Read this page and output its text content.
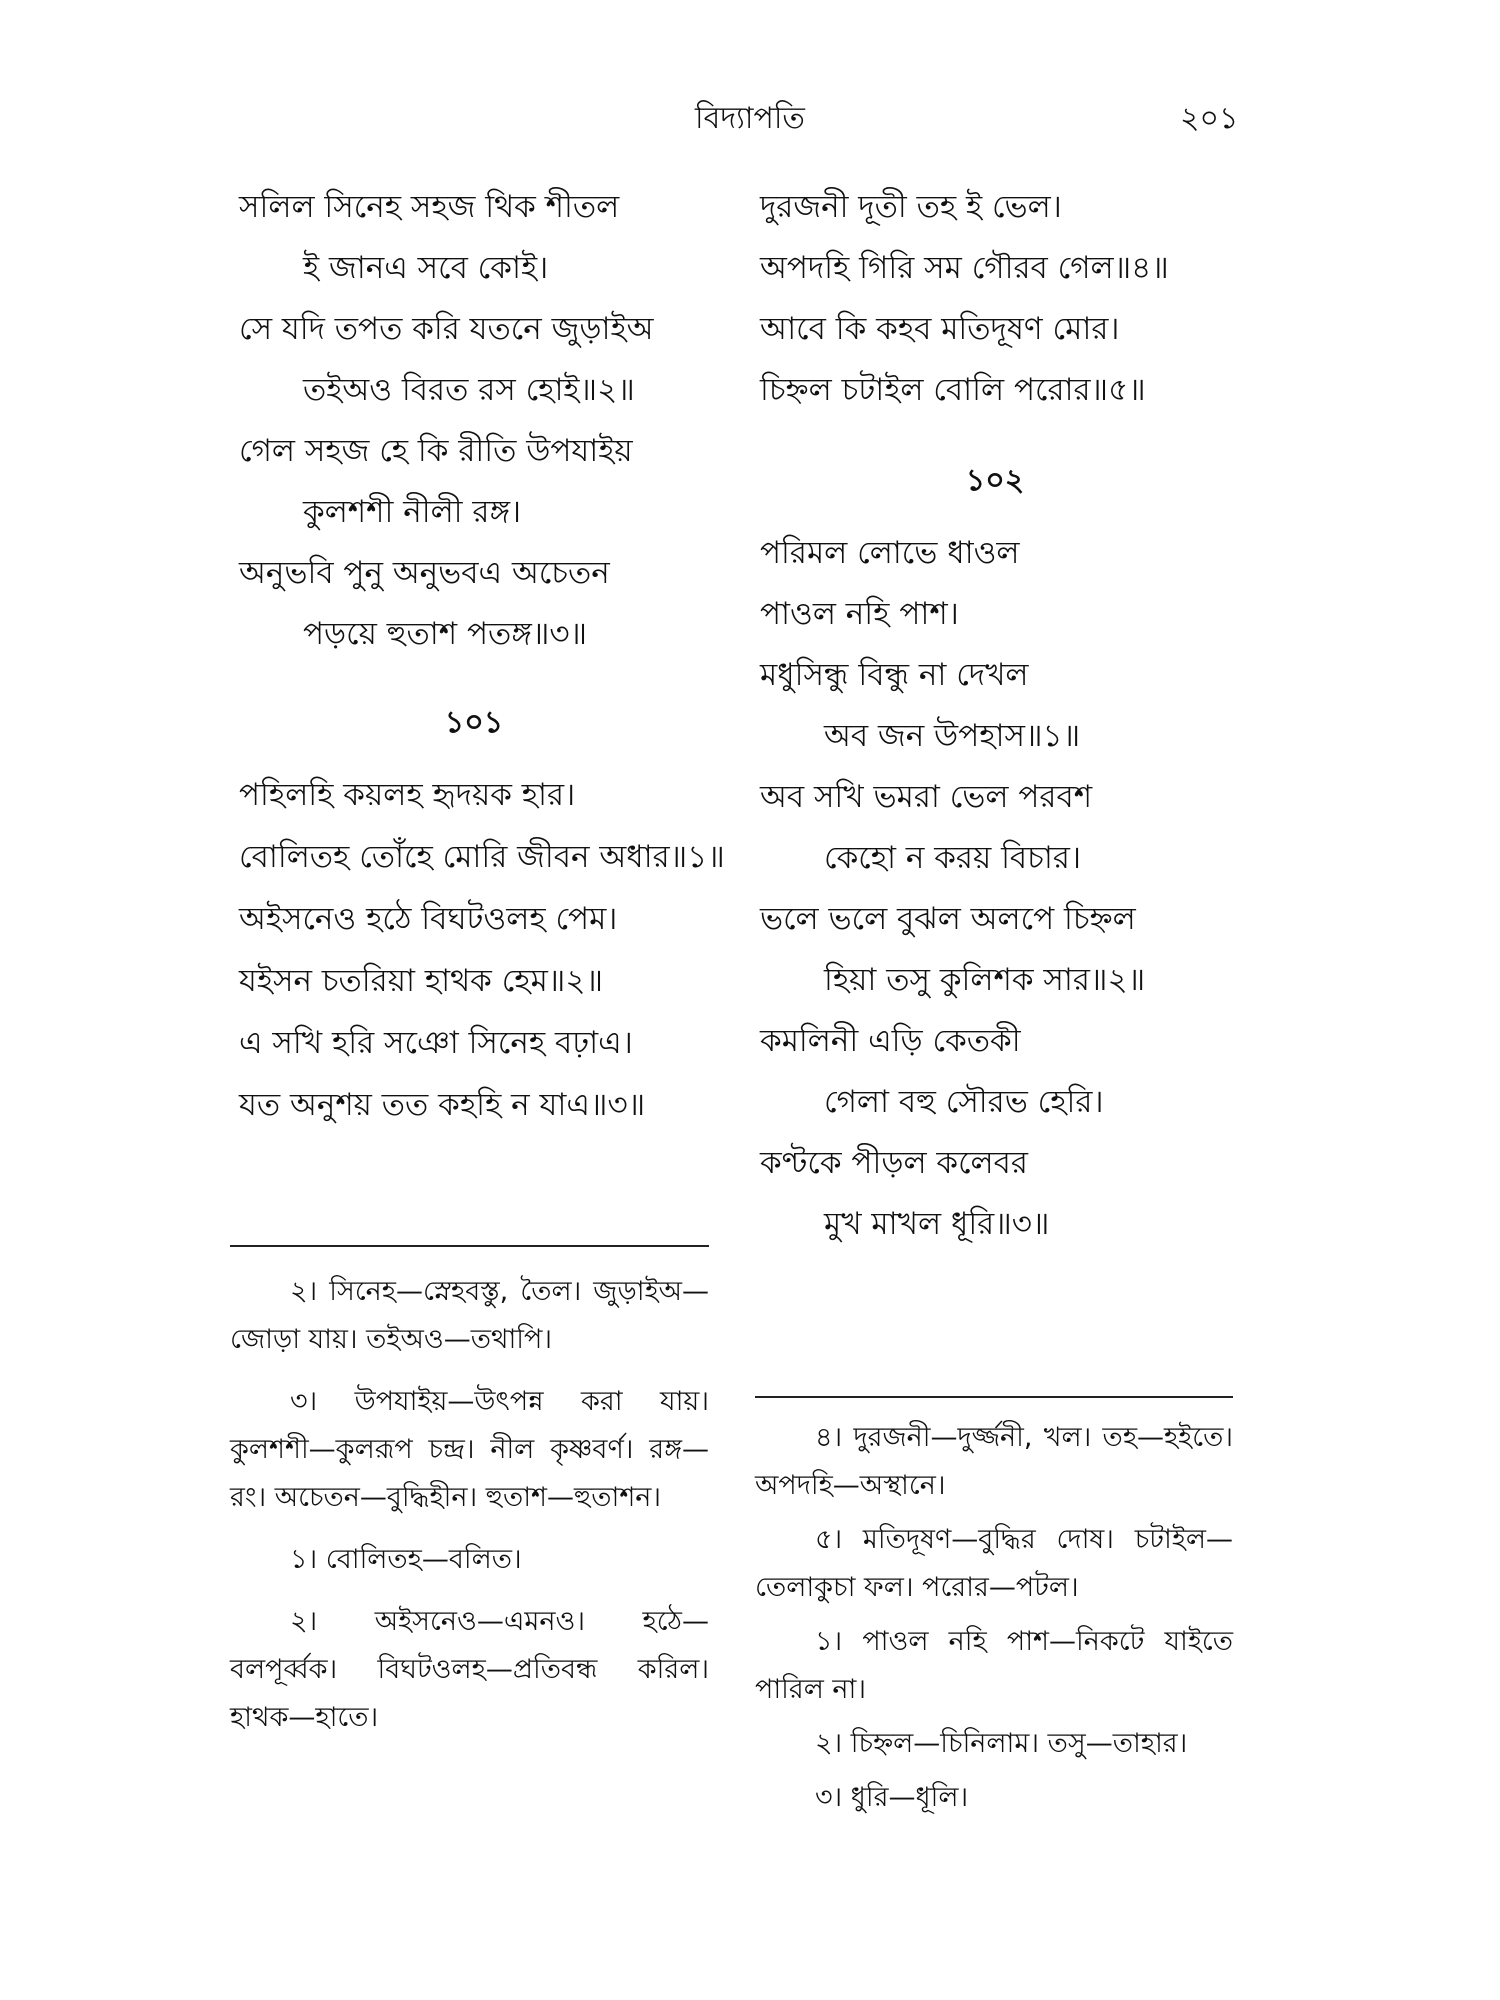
বিদ্যাপতি	২০১
সলিল সিনেহ সহজ থিক শীতল
ই জানএ সবে কোই।
সে যদি তপত করি যতনে জুড়াইঅ
তইঅও বিরত রস হোই॥২॥
গেল সহজ হে কি রীতি উপযাইয়
কুলশশী নীলী রঙ্গ।
অনুভবি পুনু অনুভবএ অচেতন
পড়য়ে হুতাশ পতঙ্গ॥৩॥
১০১
পহিলহি কয়লহ হৃদয়ক হার।
বোলিতহ তোঁহে মোরি জীবন অধার॥১॥
অইসনেও হঠে বিঘটওলহ পেম।
যইসন চতরিয়া হাথক হেম॥২॥
এ সখি হরি সঞো সিনেহ বঢ়াএ।
যত অনুশয় তত কহহি ন যাএ॥৩॥

২। সিনেহ—স্নেহবস্তু, তৈল। জুড়াইঅ—জোড়া যায়। তইঅও—তথাপি।

৩। উপযাইয়—উৎপন্ন করা যায়। কুলশশী—কুলরূপ চন্দ্র। নীল কৃষ্ণবর্ণ। রঙ্গ—রং। অচেতন—বুদ্ধিহীন। হুতাশ—হুতাশন।

১। বোলিতহ—বলিত।

২। অইসনেও—এমনও। হঠে—বলপূর্ব্বক। বিঘটওলহ—প্রতিবন্ধ করিল। হাথক—হাতে।

দুরজনী দূতী তহ ই ভেল।
অপদহি গিরি সম গৌরব গেল॥৪॥
আবে কি কহব মতিদূষণ মোর।
চিহ্নল চটাইল বোলি পরোর॥৫॥
১০২
পরিমল লোভে ধাওল
পাওল নহি পাশ।
মধুসিন্ধু বিন্ধু না দেখল
অব জন উপহাস॥১॥
অব সখি ভমরা ভেল পরবশ
কেহো ন করয় বিচার।
ভলে ভলে বুঝল অলপে চিহ্নল
হিয়া তসু কুলিশক সার॥২॥
কমলিনী এড়ি কেতকী
গেলা বহু সৌরভ হেরি।
কণ্টকে পীড়ল কলেবর
মুখ মাখল ধূরি॥৩॥

৪। দুরজনী—দুর্জ্জনী, খল। তহ—হইতে। অপদহি—অস্থানে।

৫। মতিদূষণ—বুদ্ধির দোষ। চটাইল—তেলাকুচা ফল। পরোর—পটল।

১। পাওল নহি পাশ—নিকটে যাইতে পারিল না।

২। চিহ্নল—চিনিলাম। তসু—তাহার।

৩। ধুরি—ধূলি।
